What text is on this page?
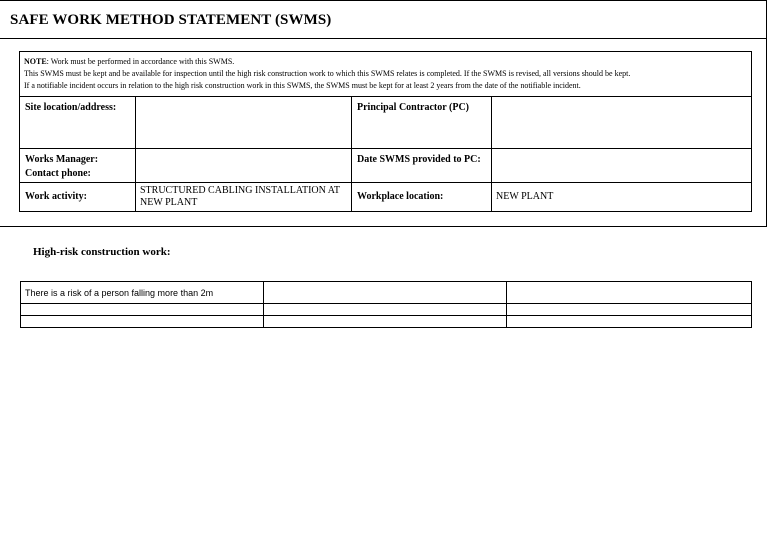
SAFE WORK METHOD STATEMENT (SWMS)
NOTE: Work must be performed in accordance with this SWMS.
This SWMS must be kept and be available for inspection until the high risk construction work to which this SWMS relates is completed. If the SWMS is revised, all versions should be kept.
If a notifiable incident occurs in relation to the high risk construction work in this SWMS, the SWMS must be kept for at least 2 years from the date of the notifiable incident.			

Site location/address:		Principal Contractor (PC)	

Works Manager:
Contact phone:		Date SWMS provided to PC:	

Work activity:	STRUCTURED CABLING INSTALLATION AT NEW PLANT	Workplace location:	NEW PLANT
High-risk construction work:
There is a risk of a person falling more than 2m		
